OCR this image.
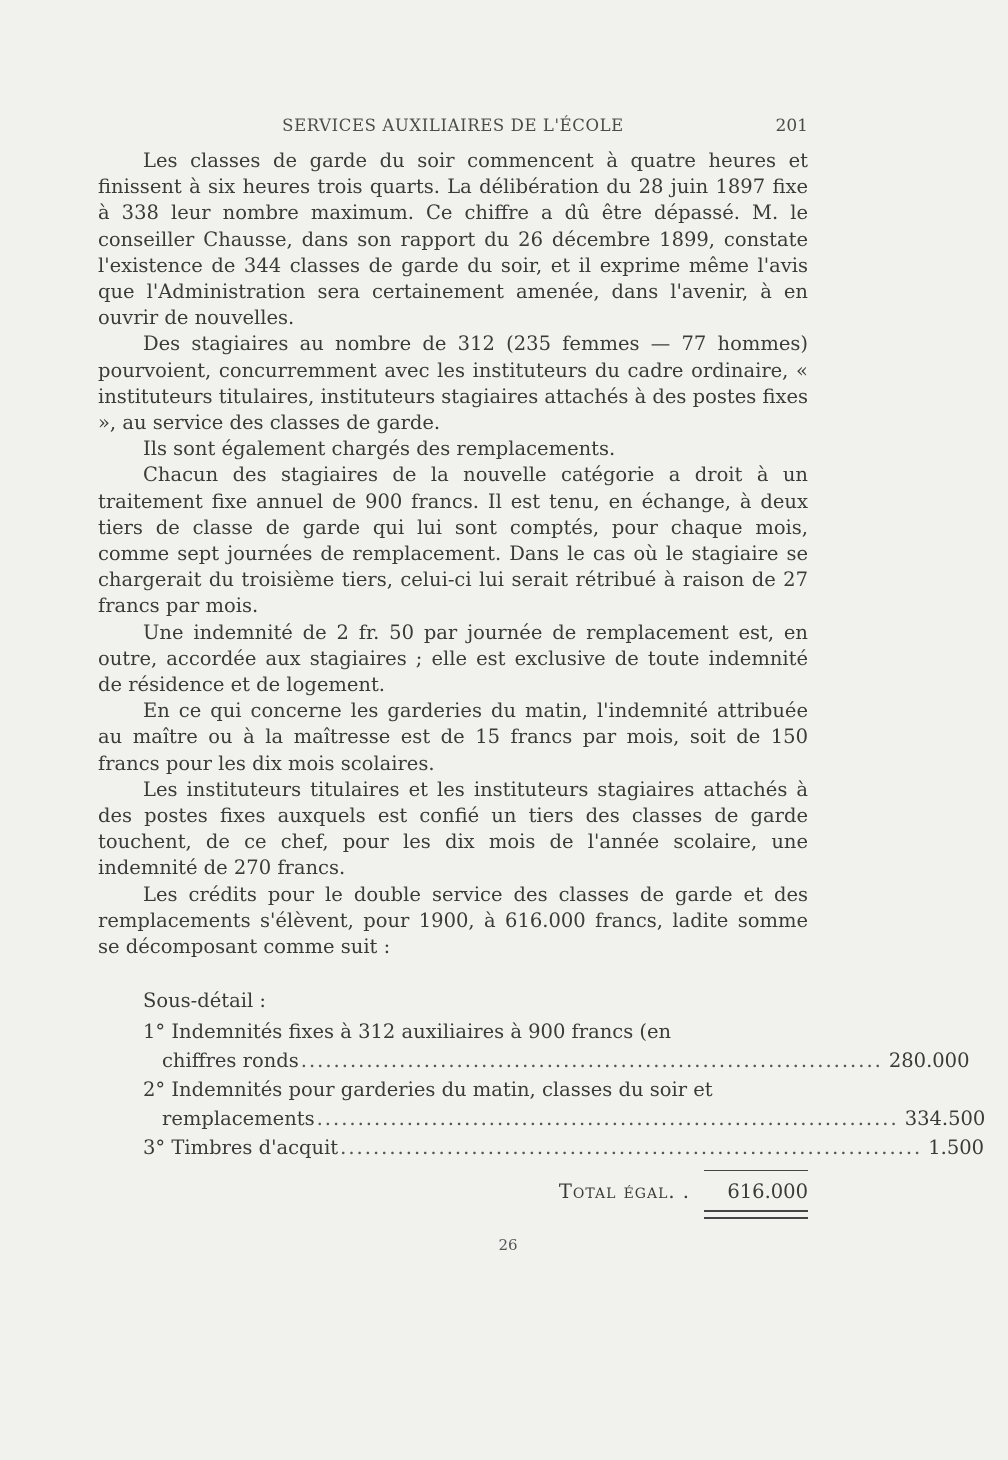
SERVICES AUXILIAIRES DE L'ÉCOLE	201

Les classes de garde du soir commencent à quatre heures et finissent à six heures trois quarts. La délibération du 28 juin 1897 fixe à 338 leur nombre maximum. Ce chiffre a dû être dépassé. M. le conseiller Chausse, dans son rapport du 26 décembre 1899, constate l'existence de 344 classes de garde du soir, et il exprime même l'avis que l'Administration sera certainement amenée, dans l'avenir, à en ouvrir de nouvelles.

Des stagiaires au nombre de 312 (235 femmes — 77 hommes) pourvoient, concurremment avec les instituteurs du cadre ordinaire, « instituteurs titulaires, instituteurs stagiaires attachés à des postes fixes », au service des classes de garde.

Ils sont également chargés des remplacements.

Chacun des stagiaires de la nouvelle catégorie a droit à un traitement fixe annuel de 900 francs. Il est tenu, en échange, à deux tiers de classe de garde qui lui sont comptés, pour chaque mois, comme sept journées de remplacement. Dans le cas où le stagiaire se chargerait du troisième tiers, celui-ci lui serait rétribué à raison de 27 francs par mois.

Une indemnité de 2 fr. 50 par journée de remplacement est, en outre, accordée aux stagiaires ; elle est exclusive de toute indemnité de résidence et de logement.

En ce qui concerne les garderies du matin, l'indemnité attribuée au maître ou à la maîtresse est de 15 francs par mois, soit de 150 francs pour les dix mois scolaires.

Les instituteurs titulaires et les instituteurs stagiaires attachés à des postes fixes auxquels est confié un tiers des classes de garde touchent, de ce chef, pour les dix mois de l'année scolaire, une indemnité de 270 francs.

Les crédits pour le double service des classes de garde et des remplacements s'élèvent, pour 1900, à 616.000 francs, ladite somme se décomposant comme suit :

Sous-détail :
1° Indemnités fixes à 312 auxiliaires à 900 francs (en
chiffres ronds ....................................................................... 280.000
2° Indemnités pour garderies du matin, classes du soir et
remplacements ....................................................................... 334.500
3° Timbres d'acquit ....................................................................... 1.500
Total égal. .	616.000
26
